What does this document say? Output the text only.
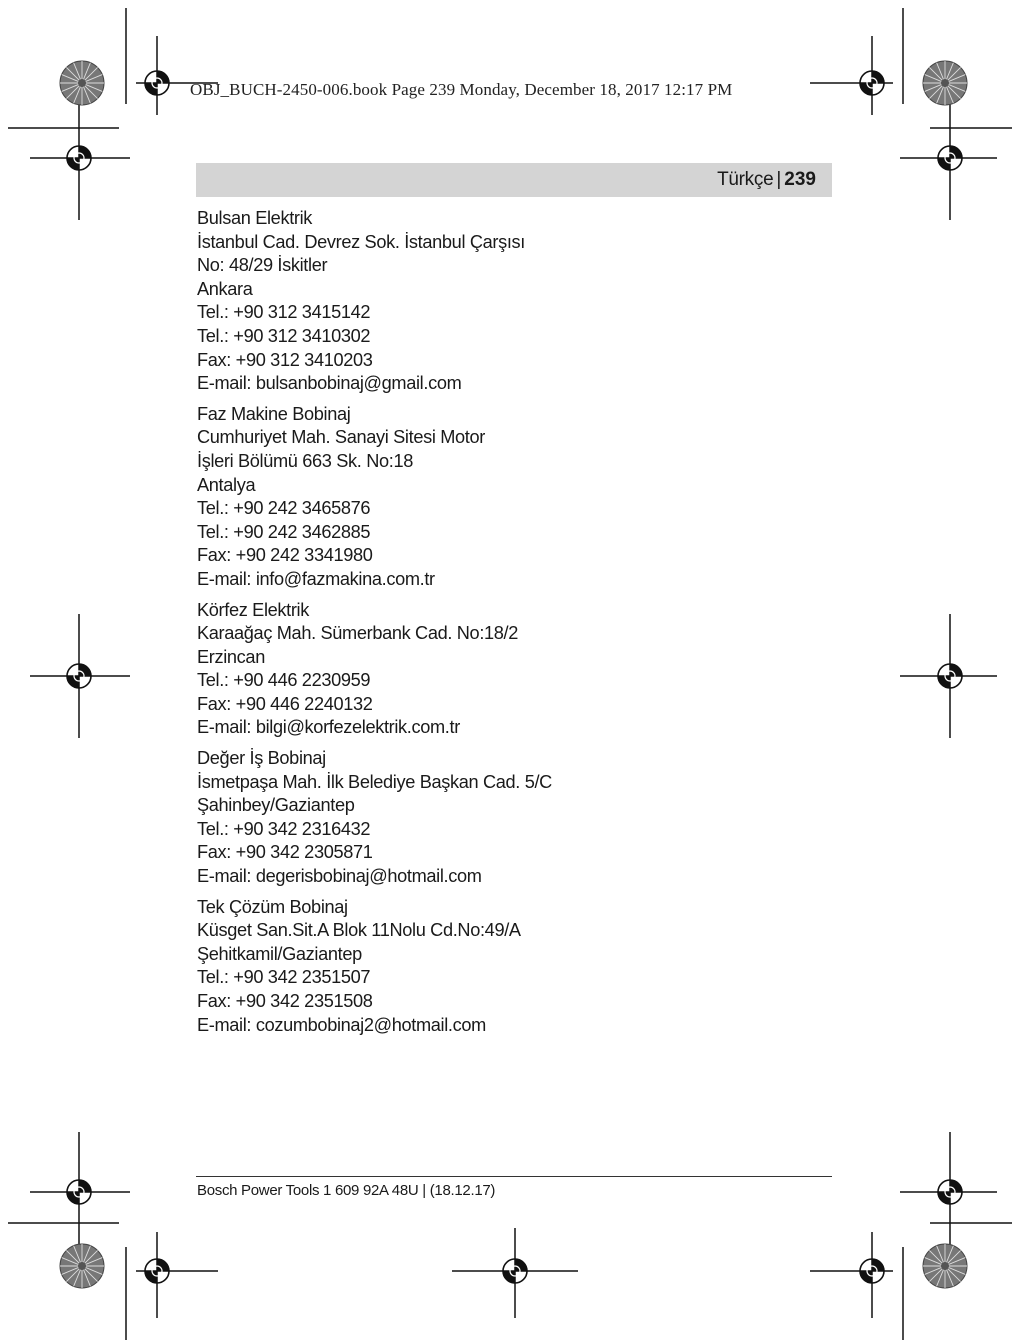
OBJ_BUCH-2450-006.book Page 239 Monday, December 18, 2017 12:17 PM
Türkçe | 239
Bulsan Elektrik
İstanbul Cad. Devrez Sok. İstanbul Çarşısı
No: 48/29 İskitler
Ankara
Tel.: +90 312 3415142
Tel.: +90 312 3410302
Fax: +90 312 3410203
E-mail: bulsanbobinaj@gmail.com
Faz Makine Bobinaj
Cumhuriyet Mah. Sanayi Sitesi Motor
İşleri Bölümü 663 Sk. No:18
Antalya
Tel.: +90 242 3465876
Tel.: +90 242 3462885
Fax: +90 242 3341980
E-mail: info@fazmakina.com.tr
Körfez Elektrik
Karaağaç Mah. Sümerbank Cad. No:18/2
Erzincan
Tel.: +90 446 2230959
Fax: +90 446 2240132
E-mail: bilgi@korfezelektrik.com.tr
Değer İş Bobinaj
İsmetpaşa Mah. İlk Belediye Başkan Cad. 5/C
Şahinbey/Gaziantep
Tel.: +90 342 2316432
Fax: +90 342 2305871
E-mail: degerisbobinaj@hotmail.com
Tek Çözüm Bobinaj
Küsget San.Sit.A Blok 11Nolu Cd.No:49/A
Şehitkamil/Gaziantep
Tel.: +90 342 2351507
Fax: +90 342 2351508
E-mail: cozumbobinaj2@hotmail.com
Bosch Power Tools 1 609 92A 48U | (18.12.17)
